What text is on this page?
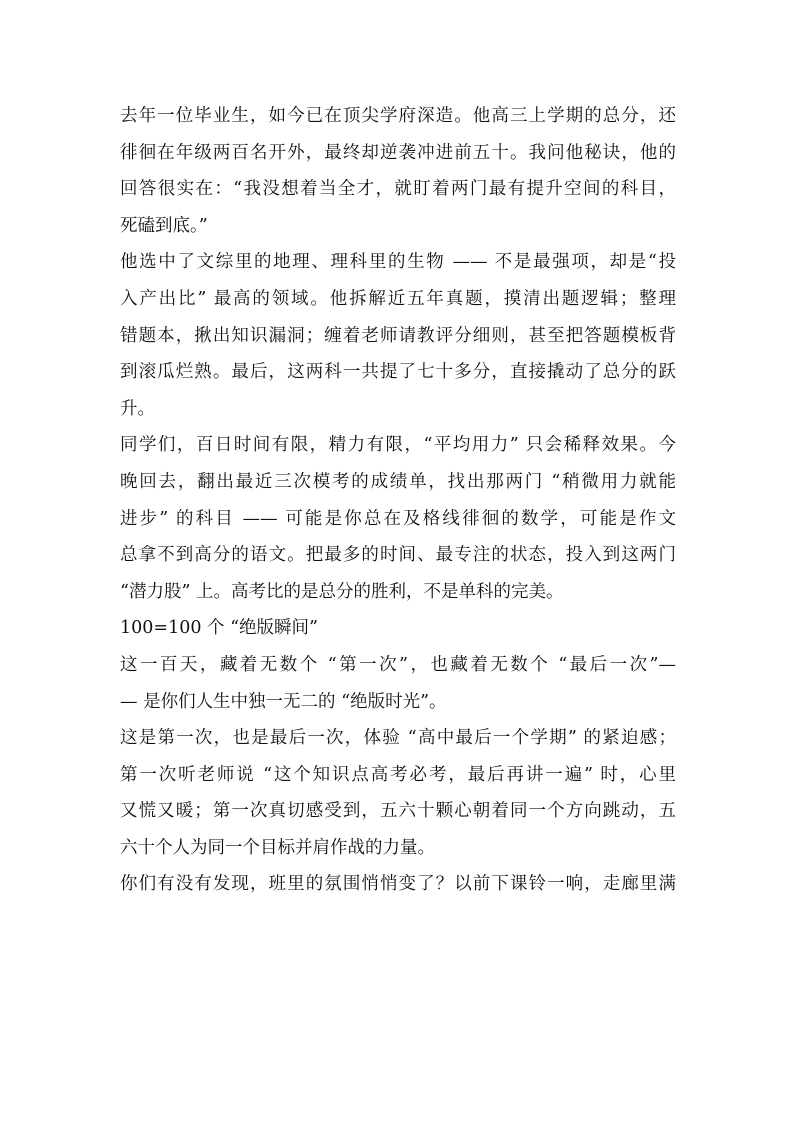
去年一位毕业生，如今已在顶尖学府深造。他高三上学期的总分，还
徘徊在年级两百名开外，最终却逆袭冲进前五十。我问他秘诀，他的
回答很实在：“我没想着当全才，就盯着两门最有提升空间的科目，
死磕到底。”
他选中了文综里的地理、理科里的生物 —— 不是最强项，却是“投
入产出比” 最高的领域。他拆解近五年真题，摸清出题逻辑；整理
错题本，揪出知识漏洞；缠着老师请教评分细则，甚至把答题模板背
到滚瓜烂熟。最后，这两科一共提了七十多分，直接撬动了总分的跃
升。
同学们，百日时间有限，精力有限，“平均用力” 只会稀释效果。今
晚回去，翻出最近三次模考的成绩单，找出那两门 “稍微用力就能
进步” 的科目 —— 可能是你总在及格线徘徊的数学，可能是作文
总拿不到高分的语文。把最多的时间、最专注的状态，投入到这两门
“潜力股” 上。高考比的是总分的胜利，不是单科的完美。
100=100 个 “绝版瞬间”
这一百天，藏着无数个 “第一次”，也藏着无数个 “最后一次”—
— 是你们人生中独一无二的 “绝版时光”。
这是第一次，也是最后一次，体验 “高中最后一个学期” 的紧迫感；
第一次听老师说 “这个知识点高考必考，最后再讲一遍” 时，心里
又慌又暖；第一次真切感受到，五六十颗心朝着同一个方向跳动，五
六十个人为同一个目标并肩作战的力量。
你们有没有发现，班里的氛围悄悄变了？以前下课铃一响，走廊里满
